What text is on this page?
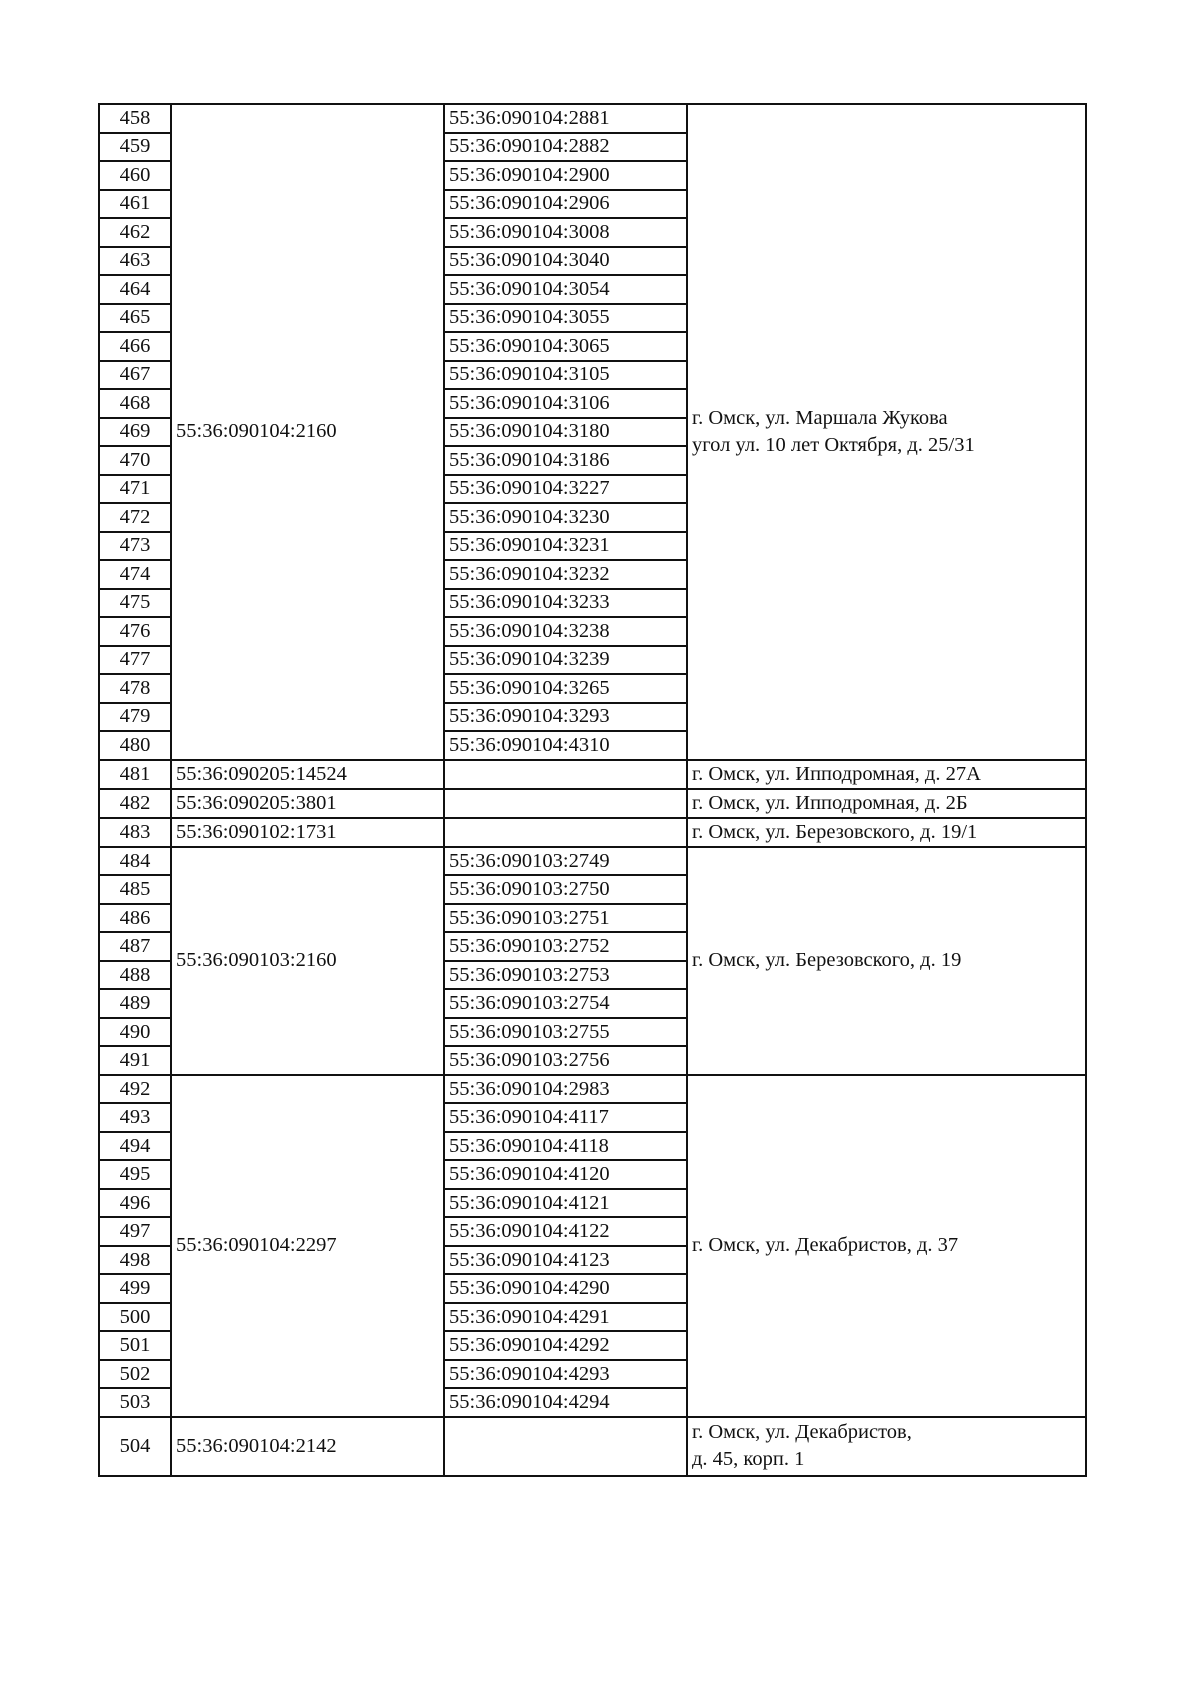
458	55:36:090104:2160	55:36:090104:2881	г. Омск, ул. Маршала Жукова
угол ул. 10 лет Октября, д. 25/31

459		55:36:090104:2882	
460		55:36:090104:2900	
461		55:36:090104:2906	
462		55:36:090104:3008	
463		55:36:090104:3040	
464		55:36:090104:3054	
465		55:36:090104:3055	
466		55:36:090104:3065	
467		55:36:090104:3105	
468		55:36:090104:3106	
469		55:36:090104:3180	
470		55:36:090104:3186	
471		55:36:090104:3227	
472		55:36:090104:3230	
473		55:36:090104:3231	
474		55:36:090104:3232	
475		55:36:090104:3233	
476		55:36:090104:3238	
477		55:36:090104:3239	
478		55:36:090104:3265	
479		55:36:090104:3293	
480		55:36:090104:4310	
481	55:36:090205:14524		г. Омск, ул. Ипподромная, д. 27А

482	55:36:090205:3801		г. Омск, ул. Ипподромная, д. 2Б

483	55:36:090102:1731		г. Омск, ул. Березовского, д. 19/1

484	55:36:090103:2160	55:36:090103:2749	г. Омск, ул. Березовского, д. 19

485		55:36:090103:2750	
486		55:36:090103:2751	
487		55:36:090103:2752	
488		55:36:090103:2753	
489		55:36:090103:2754	
490		55:36:090103:2755	
491		55:36:090103:2756	
492	55:36:090104:2297	55:36:090104:2983	г. Омск, ул. Декабристов, д. 37

493		55:36:090104:4117	
494		55:36:090104:4118	
495		55:36:090104:4120	
496		55:36:090104:4121	
497		55:36:090104:4122	
498		55:36:090104:4123	
499		55:36:090104:4290	
500		55:36:090104:4291	
501		55:36:090104:4292	
502		55:36:090104:4293	
503		55:36:090104:4294	
504	55:36:090104:2142		г. Омск, ул. Декабристов,
д. 45, корп. 1
